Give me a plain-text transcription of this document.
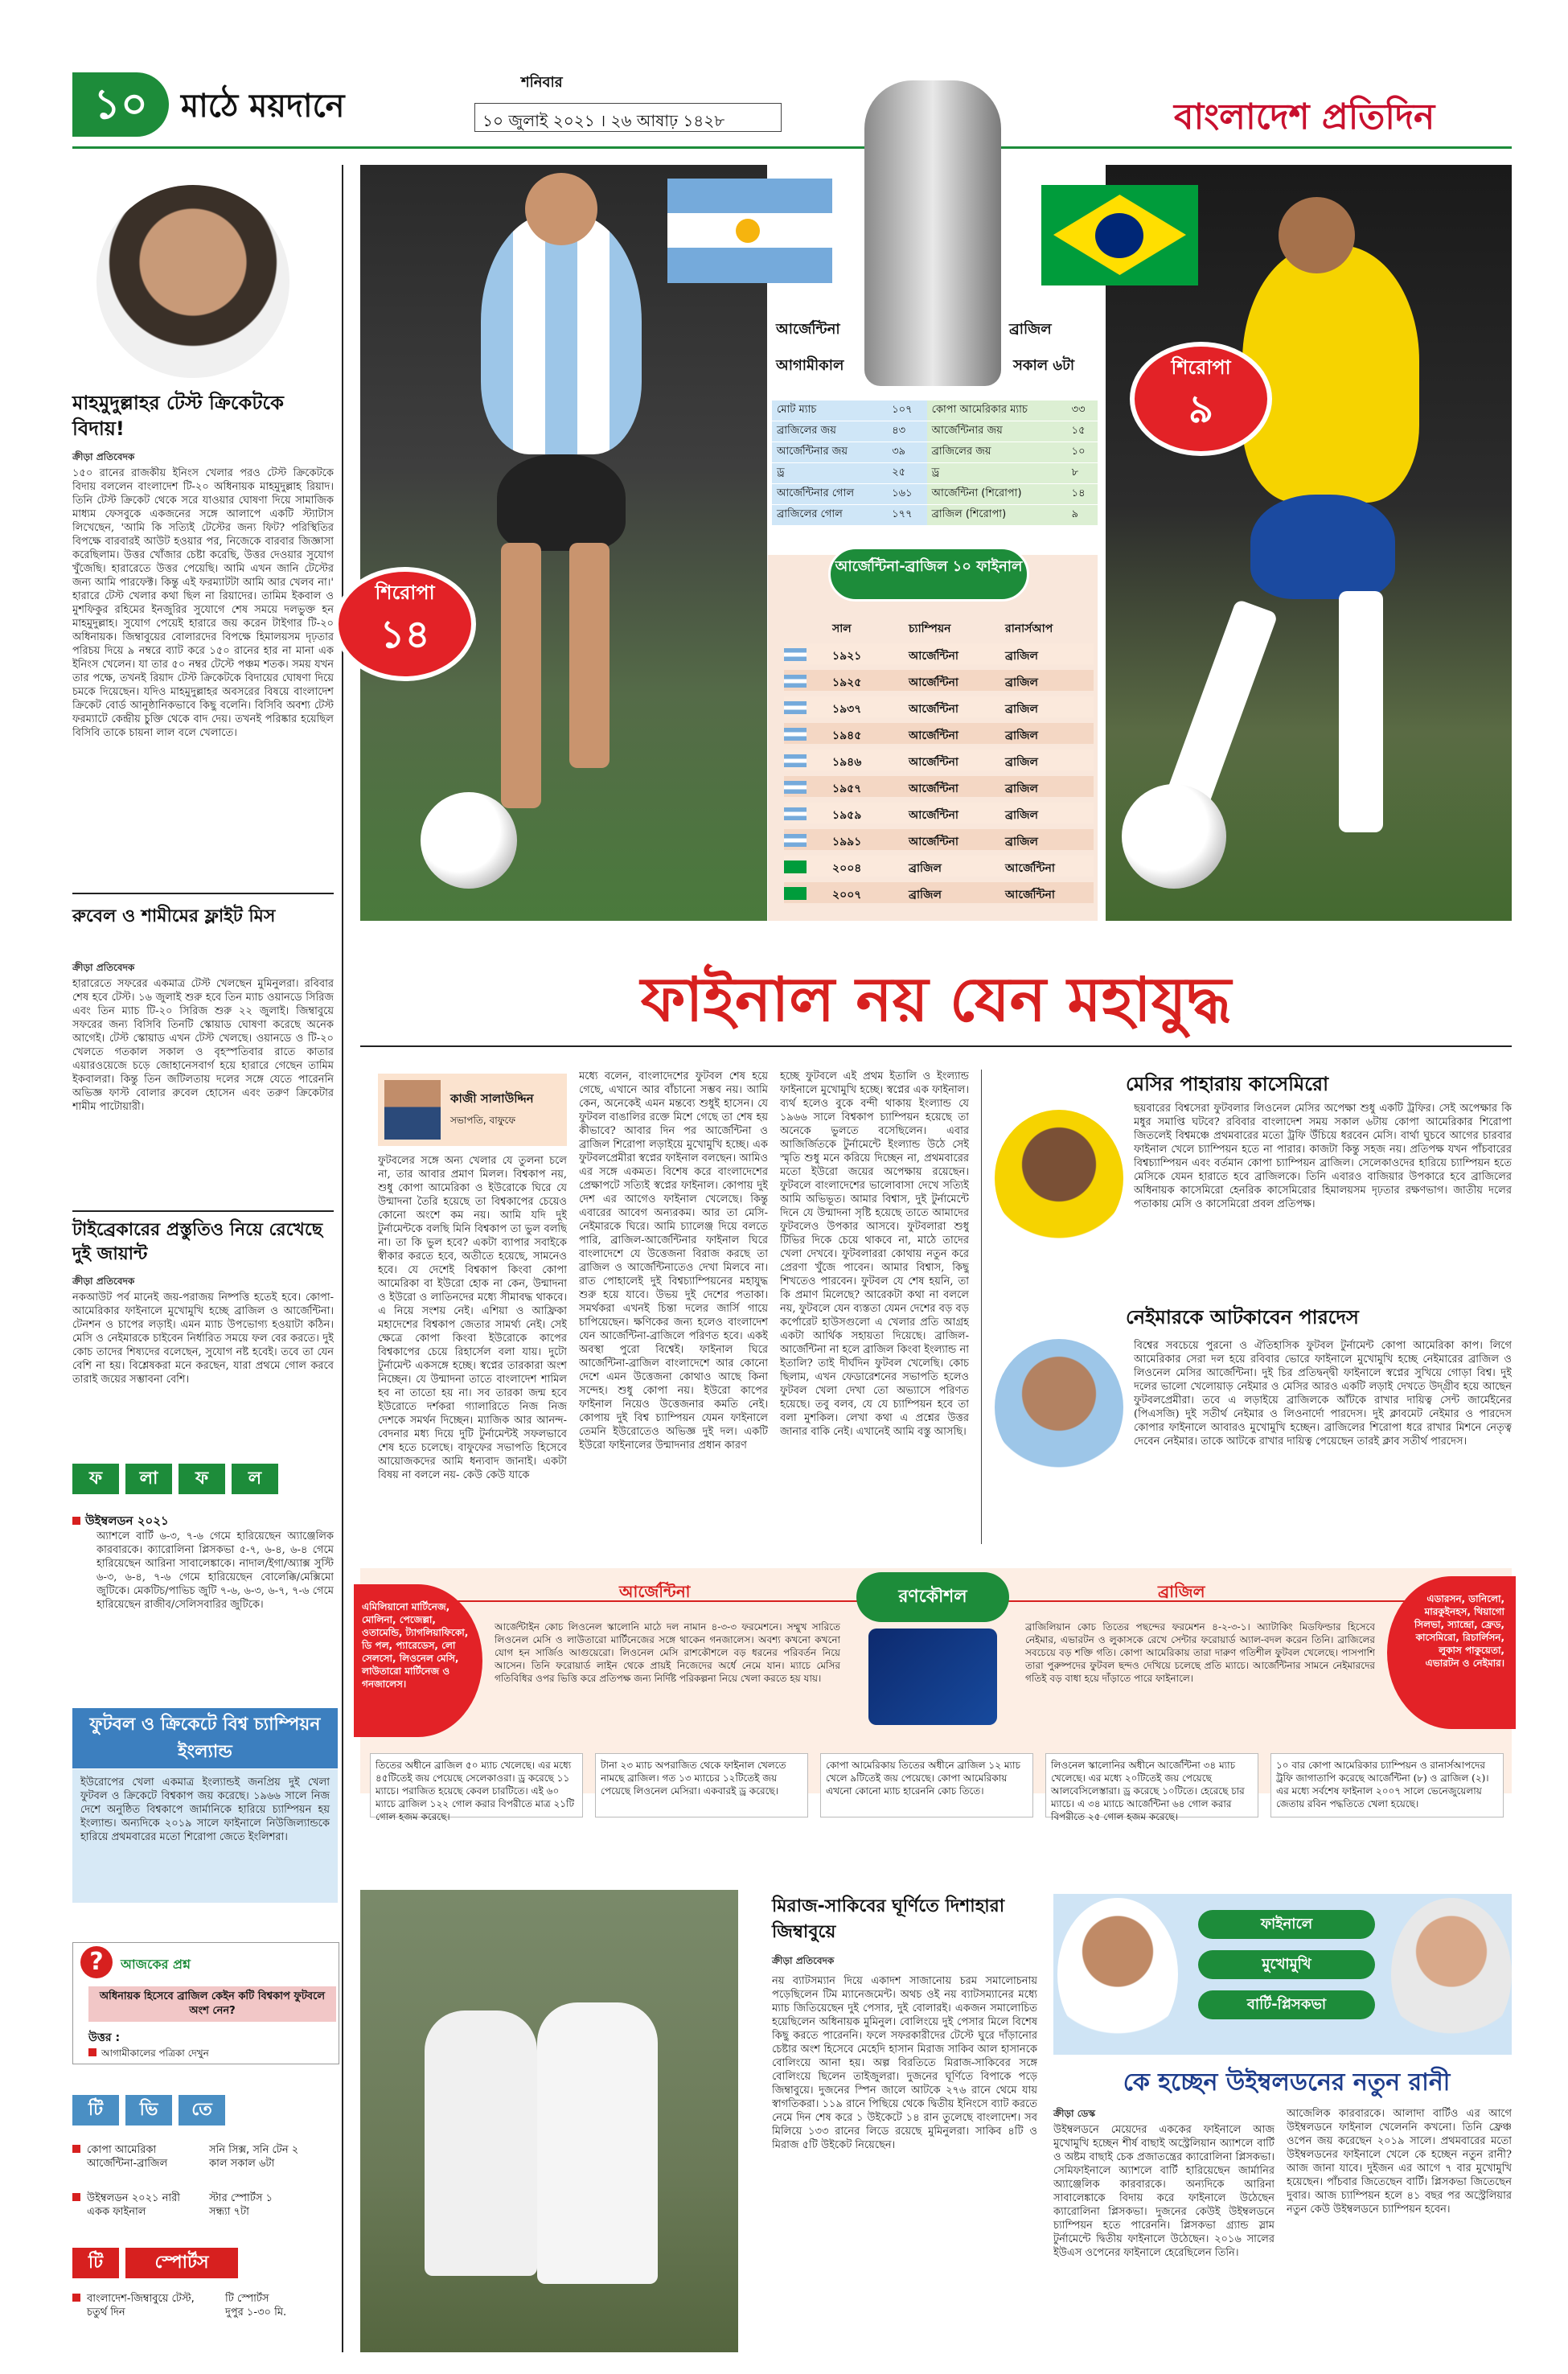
১০	মাঠে ময়দানে
শনিবার
১০ জুলাই ২০২১ । ২৬ আষাঢ় ১৪২৮	বাংলাদেশ প্রতিদিন
মাহমুদুল্লাহর টেস্ট ক্রিকেটকে বিদায়!
ক্রীড়া প্রতিবেদক
১৫০ রানের রাজকীয় ইনিংস খেলার পরও টেস্ট ক্রিকেটকে বিদায় বললেন বাংলাদেশ টি-২০ অধিনায়ক মাহমুদুল্লাহ রিয়াদ। তিনি টেস্ট ক্রিকেট থেকে সরে যাওয়ার ঘোষণা দিয়ে সামাজিক মাধ্যম ফেসবুকে একজনের সঙ্গে আলাপে একটি স্ট্যাটাস লিখেছেন, 'আমি কি সত্যিই টেস্টের জন্য ফিট? পরিস্থিতির বিপক্ষে বারবারই আউট হওয়ার পর, নিজেকে বারবার জিজ্ঞাসা করেছিলাম। উত্তর খোঁজার চেষ্টা করেছি, উত্তর দেওয়ার সুযোগ খুঁজেছি। হারারেতে উত্তর পেয়েছি। আমি এখন জানি টেস্টের জন্য আমি পারফেক্ট। কিন্তু এই ফরম্যাটটা আমি আর খেলব না।' হারারে টেস্ট খেলার কথা ছিল না রিয়াদের। তামিম ইকবাল ও মুশফিকুর রহিমের ইনজুরির সুযোগে শেষ সময়ে দলভুক্ত হন মাহমুদুল্লাহ। সুযোগ পেয়েই হারারে জয় করেন টাইগার টি-২০ অধিনায়ক। জিম্বাবুয়ের বোলারদের বিপক্ষে হিমালয়সম দৃঢ়তার পরিচয় দিয়ে ৯ নম্বরে ব্যাট করে ১৫০ রানের হার না মানা এক ইনিংস খেলেন। যা তার ৫০ নম্বর টেস্টে পঞ্চম শতক। সময় যখন তার পক্ষে, তখনই রিয়াদ টেস্ট ক্রিকেটকে বিদায়ের ঘোষণা দিয়ে চমকে দিয়েছেন। যদিও মাহমুদুল্লাহর অবসরের বিষয়ে বাংলাদেশ ক্রিকেট বোর্ড আনুষ্ঠানিকভাবে কিছু বলেনি। বিসিবি অবশ্য টেস্ট ফরম্যাটে কেন্দ্রীয় চুক্তি থেকে বাদ দেয়। তখনই পরিষ্কার হয়েছিল বিসিবি তাকে চায়না লাল বলে খেলাতে।
রুবেল ও শামীমের ফ্লাইট মিস
ক্রীড়া প্রতিবেদক
হারারেতে সফরের একমাত্র টেস্ট খেলছেন মুমিনুলরা। রবিবার শেষ হবে টেস্ট। ১৬ জুলাই শুরু হবে তিন ম্যাচ ওয়ানডে সিরিজ এবং তিন ম্যাচ টি-২০ সিরিজ শুরু ২২ জুলাই। জিম্বাবুয়ে সফরের জন্য বিসিবি তিনটি স্কোয়াড ঘোষণা করেছে অনেক আগেই। টেস্ট স্কোয়াড এখন টেস্ট খেলছে। ওয়ানডে ও টি-২০ খেলতে গতকাল সকাল ও বৃহস্পতিবার রাতে কাতার এয়ারওয়েজে চড়ে জোহানেসবার্গ হয়ে হারারে গেছেন তামিম ইকবালরা। কিন্তু তিন জটিলতায় দলের সঙ্গে যেতে পারেননি অভিজ্ঞ ফাস্ট বোলার রুবেল হোসেন এবং তরুণ ক্রিকেটার শামীম পাটোয়ারী।
টাইব্রেকারের প্রস্তুতিও নিয়ে রেখেছে দুই জায়ান্ট
ক্রীড়া প্রতিবেদক
নকআউট পর্ব মানেই জয়-পরাজয় নিষ্পত্তি হতেই হবে। কোপা-আমেরিকার ফাইনালে মুখোমুখি হচ্ছে ব্রাজিল ও আর্জেন্টিনা। টেনশন ও চাপের লড়াই। এমন ম্যাচ উপভোগ্য হওয়াটা কঠিন। মেসি ও নেইমারকে চাইবেন নির্ধারিত সময়ে ফল বের করতে। দুই কোচ তাদের শিষ্যদের বলেছেন, সুযোগ নষ্ট হবেই। তবে তা যেন বেশি না হয়। বিশ্লেষকরা মনে করছেন, যারা প্রথমে গোল করবে তারাই জয়ের সম্ভাবনা বেশি।
ফ লা ফ ল
উইম্বলডন ২০২১
অ্যাশলে বার্টি ৬-৩, ৭-৬ গেমে হারিয়েছেন অ্যাঞ্জেলিক কারবারকে। ক্যারোলিনা প্লিসকভা ৫-৭, ৬-৪, ৬-৪ গেমে হারিয়েছেন আরিনা সাবালেঙ্কাকে। নাদাল/ইগা/অ্যাক্স সুস্টি ৬-৩, ৬-৪, ৭-৬ গেমে হারিয়েছেন বোলেক্কি/মেক্সিমো জুটিকে। মেকটিচ/পাভিচ জুটি ৭-৬, ৬-৩, ৬-৭, ৭-৬ গেমে হারিয়েছেন রাজীব/সেলিসবারির জুটিকে।
ফুটবল ও ক্রিকেটে বিশ্ব চ্যাম্পিয়ন ইংল্যান্ড
ইউরোপের খেলা একমাত্র ইংল্যান্ডই জনপ্রিয় দুই খেলা ফুটবল ও ক্রিকেটে বিশ্বকাপ জয় করেছে। ১৯৬৬ সালে নিজ দেশে অনুষ্ঠিত বিশ্বকাপে জার্মানিকে হারিয়ে চ্যাম্পিয়ন হয় ইংল্যান্ড। অন্যদিকে ২০১৯ সালে ফাইনালে নিউজিল্যান্ডকে হারিয়ে প্রথমবারের মতো শিরোপা জেতে ইংলিশরা।
?	আজকের প্রশ্ন
অধিনায়ক হিসেবে ব্রাজিল কেইন কটি বিশ্বকাপ ফুটবলে অংশ নেন?
উত্তর :
আগামীকালের পত্রিকা দেখুন
টি ভি তে
কোপা আমেরিকা আর্জেন্টিনা-ব্রাজিল
সনি সিক্স, সনি টেন ২
কাল সকাল ৬টা
উইম্বলডন ২০২১ নারী একক ফাইনাল
স্টার স্পোর্টস ১
সন্ধ্যা ৭টা
টি	স্পোর্টস
বাংলাদেশ-জিম্বাবুয়ে টেস্ট, চতুর্থ দিন
টি স্পোর্টস
দুপুর ১-৩০ মি.
আর্জেন্টিনা	ব্রাজিল
আগামীকাল	সকাল ৬টা
শিরোপা
১৪
শিরোপা
৯
মোট ম্যাচ	১০৭	কোপা আমেরিকার ম্যাচ	৩৩
ব্রাজিলের জয়	৪৩	আর্জেন্টিনার জয়	১৫
আর্জেন্টিনার জয়	৩৯	ব্রাজিলের জয়	১০
ড্র	২৫	ড্র	৮
আর্জেন্টিনার গোল	১৬১	আর্জেন্টিনা (শিরোপা)	১৪
ব্রাজিলের গোল	১৭৭	ব্রাজিল (শিরোপা)	৯
আর্জেন্টিনা-ব্রাজিল ১০ ফাইনাল
সাল	চ্যাম্পিয়ন	রানার্সআপ
১৯২১	আর্জেন্টিনা	ব্রাজিল
১৯২৫	আর্জেন্টিনা	ব্রাজিল
১৯৩৭	আর্জেন্টিনা	ব্রাজিল
১৯৪৫	আর্জেন্টিনা	ব্রাজিল
১৯৪৬	আর্জেন্টিনা	ব্রাজিল
১৯৫৭	আর্জেন্টিনা	ব্রাজিল
১৯৫৯	আর্জেন্টিনা	ব্রাজিল
১৯৯১	আর্জেন্টিনা	ব্রাজিল
২০০৪	ব্রাজিল	আর্জেন্টিনা
২০০৭	ব্রাজিল	আর্জেন্টিনা
ফাইনাল নয় যেন মহাযুদ্ধ
কাজী সালাউদ্দিন
সভাপতি, বাফুফে
ফুটবলের সঙ্গে অন্য খেলার যে তুলনা চলে না, তার আবার প্রমাণ মিলল। বিশ্বকাপ নয়, শুধু কোপা আমেরিকা ও ইউরোকে ঘিরে যে উন্মাদনা তৈরি হয়েছে তা বিশ্বকাপের চেয়েও কোনো অংশে কম নয়। আমি যদি দুই টুর্নামেন্টকে বলছি মিনি বিশ্বকাপ তা ভুল বলছি না। তা কি ভুল হবে? একটা ব্যাপার সবাইকে স্বীকার করতে হবে, অতীতে হয়েছে, সামনেও হবে। যে দেশেই বিশ্বকাপ কিংবা কোপা আমেরিকা বা ইউরো হোক না কেন, উন্মাদনা ও ইউরো ও লাতিনদের মধ্যে সীমাবদ্ধ থাকবে। এ নিয়ে সংশয় নেই। এশিয়া ও আফ্রিকা মহাদেশের বিশ্বকাপ জেতার সামর্থ্য নেই। সেই ক্ষেত্রে কোপা কিংবা ইউরোকে কাপের বিশ্বকাপের চেয়ে রিহার্সেল বলা যায়। দুটো টুর্নামেন্ট একসঙ্গে হচ্ছে। স্বপ্নের তারকারা অংশ নিচ্ছেন। যে উন্মাদনা তাতে বাংলাদেশ শামিল হব না তাতো হয় না। সব তারকা জন্ম হবে ইউরোতে দর্শকরা গ্যালারিতে নিজ নিজ দেশকে সমর্থন দিচ্ছেন। ম্যাজিক আর আনন্দ-বেদনার মধ্য দিয়ে দুটি টুর্নামেন্টই সফলভাবে শেষ হতে চলেছে। বাফুফের সভাপতি হিসেবে আয়োজকদের আমি ধন্যবাদ জানাই। একটা বিষয় না বললে নয়- কেউ কেউ যাকে
মধ্যে বলেন, বাংলাদেশের ফুটবল শেষ হয়ে গেছে, এখানে আর বাঁচানো সম্ভব নয়। আমি কেন, অনেকেই এমন মন্তব্যে শুধুই হাসেন। যে ফুটবল বাঙালির রক্তে মিশে গেছে তা শেষ হয় কীভাবে? আবার দিন পর আর্জেন্টিনা ও ব্রাজিল শিরোপা লড়াইয়ে মুখোমুখি হচ্ছে। এক ফুটবলপ্রেমীরা স্বপ্নের ফাইনাল বলছেন। আমিও এর সঙ্গে একমত। বিশেষ করে বাংলাদেশের প্রেক্ষাপটে সত্যিই স্বপ্নের ফাইনাল। কোপায় দুই দেশ এর আগেও ফাইনাল খেলেছে। কিন্তু এবারের আবেগ অন্যরকম। আর তা মেসি-নেইমারকে ঘিরে। আমি চ্যালেঞ্জ দিয়ে বলতে পারি, ব্রাজিল-আর্জেন্টিনার ফাইনাল ঘিরে বাংলাদেশে যে উত্তেজনা বিরাজ করছে তা ব্রাজিল ও আর্জেন্টিনাতেও দেখা মিলবে না। রাত পোহালেই দুই বিশ্বচ্যাম্পিয়নের মহাযুদ্ধ শুরু হয়ে যাবে। উভয় দুই দেশের পতাকা। সমর্থকরা এখনই চিন্তা দলের জার্সি গায়ে চাপিয়েছেন। ক্ষণিকের জন্য হলেও বাংলাদেশ যেন আর্জেন্টিনা-ব্রাজিলে পরিণত হবে। একই অবস্থা পুরো বিশ্বেই। ফাইনাল ঘিরে আর্জেন্টিনা-ব্রাজিল বাংলাদেশে আর কোনো দেশে এমন উত্তেজনা কোথাও আছে কিনা সন্দেহ। শুধু কোপা নয়। ইউরো কাপের ফাইনাল নিয়েও উত্তেজনার কমতি নেই। কোপায় দুই বিশ্ব চ্যাম্পিয়ন যেমন ফাইনালে তেমনি ইউরোতেও অভিজ্ঞ দুই দল। একটি ইউরো ফাইনালের উন্মাদনার প্রধান কারণ
হচ্ছে ফুটবলে এই প্রথম ইতালি ও ইংল্যান্ড ফাইনালে মুখোমুখি হচ্ছে। স্বপ্নের এক ফাইনাল। ব্যর্থ হলেও বুকে বন্দী থাকায় ইংল্যান্ড যে ১৯৬৬ সালে বিশ্বকাপ চ্যাম্পিয়ন হয়েছে তা অনেকে ভুলতে বসেছিলেন। এবার আজির্জিতকে টুর্নামেন্টে ইংল্যান্ড উঠে সেই স্মৃতি শুধু মনে করিয়ে দিচ্ছেন না, প্রথমবারের মতো ইউরো জয়ের অপেক্ষায় রয়েছেন। ফুটবলে বাংলাদেশের ভালোবাসা দেখে সত্যিই আমি অভিভূত। আমার বিশ্বাস, দুই টুর্নামেন্টে দিনে যে উন্মাদনা সৃষ্টি হয়েছে তাতে আমাদের ফুটবলেও উপকার আসবে। ফুটবলারা শুধু টিভির দিকে চেয়ে থাকবে না, মাঠে তাদের খেলা দেখবে। ফুটবলাররা কোথায় নতুন করে প্রেরণা খুঁজে পাবেন। আমার বিশ্বাস, কিছু শিখতেও পারবেন। ফুটবল যে শেষ হয়নি, তা কি প্রমাণ মিলেছে? আরেকটা কথা না বললে নয়, ফুটবলে যেন ব্যস্ততা যেমন দেশের বড় বড় কর্পোরেট হাউসগুলো এ খেলার প্রতি আগ্রহ একটা আর্থিক সহায়তা দিয়েছে। ব্রাজিল-আর্জেন্টিনা না হলে ব্রাজিল কিংবা ইংল্যান্ড না ইতালি? তাই দীর্ঘদিন ফুটবল খেলেছি। কোচ ছিলাম, এখন ফেডারেশনের সভাপতি হলেও ফুটবল খেলা দেখা তো অভ্যাসে পরিণত হয়েছে। তবু বলব, যে যে চ্যাম্পিয়ন হবে তা বলা মুশকিল। লেখা কথা এ প্রশ্নের উত্তর জানার বাকি নেই। এখানেই আমি বস্তু আসছি।
মেসির পাহারায় কাসেমিরো
ছয়বারের বিশ্বসেরা ফুটবলার লিওনেল মেসির অপেক্ষা শুধু একটি ট্রফির। সেই অপেক্ষার কি মধুর সমাপ্তি ঘটবে? রবিবার বাংলাদেশ সময় সকাল ৬টায় কোপা আমেরিকার শিরোপা জিতলেই বিশ্বমঞ্চে প্রথমবারের মতো ট্রফি উঁচিয়ে ধরবেন মেসি। বার্থা ঘুচবে আগের চারবার ফাইনাল খেলে চ্যাম্পিয়ন হতে না পারার। কাজটা কিন্তু সহজ নয়। প্রতিপক্ষ যখন পাঁচবারের বিশ্বচ্যাম্পিয়ন এবং বর্তমান কোপা চ্যাম্পিয়ন ব্রাজিল। সেলেকাওদের হারিয়ে চ্যাম্পিয়ন হতে মেসিকে যেমন হারাতে হবে ব্রাজিলকে। তিনি এবারও বাজিয়ার উপকারে হবে ব্রাজিলের অধিনায়ক কাসেমিরো হেনরিক কাসেমিরোর হিমালয়সম দৃঢ়তার রক্ষণভাগ। জাতীয় দলের পতাকায় মেসি ও কাসেমিরো প্রবল প্রতিপক্ষ।
নেইমারকে আটকাবেন পারদেস
বিশ্বের সবচেয়ে পুরনো ও ঐতিহাসিক ফুটবল টুর্নামেন্ট কোপা আমেরিকা কাপ। লিগে আমেরিকার সেরা দল হয়ে রবিবার ভোরে ফাইনালে মুখোমুখি হচ্ছে নেইমারের ব্রাজিল ও লিওনেল মেসির আর্জেন্টিনা। দুই চির প্রতিদ্বন্দ্বী ফাইনালে স্বপ্নের সুখিয়ে গোড়া বিশ্ব। দুই দলের ভালো খেলোয়াড় নেইমার ও মেসির আরও একটি লড়াই দেখতে উদ্গ্রীব হয়ে আছেন ফুটবলপ্রেমীরা। তবে এ লড়াইয়ে ব্রাজিলকে আঁটকে রাখার দায়িত্ব সেন্ট জার্মেইনের (পিএসজি) দুই সতীর্থ নেইমার ও লিওনার্দো পারদেস। দুই ক্লাবমেট নেইমার ও পারদেস কোপার ফাইনালে আবারও মুখোমুখি হচ্ছেন। ব্রাজিলের শিরোপা ধরে রাখার মিশনে নেতৃত্ব দেবেন নেইমার। তাকে আটকে রাখার দায়িত্ব পেয়েছেন তারই ক্লাব সতীর্থ পারদেস।
রণকৌশল
আর্জেন্টিনা	ব্রাজিল
এমিলিয়ানো মার্টিনেজ, মোলিনা, পেজেল্লা, ওতামেন্ডি, ট্যাগলিয়াফিকো, ডি পল, প্যারেডেস, লো সেলসো, লিওনেল মেসি, লাউতারো মার্টিনেজ ও গনজালেস।
এডারসন, ডানিলো, মারকুইনহস, থিয়াগো সিলভা, স্যান্দ্রো, ফ্রেড, কাসেমিরো, রিচার্লিসন, লুকাস পাকুয়েতা, এভারটন ও নেইমার।
আর্জেন্টাইন কোচ লিওনেল স্কালোনি মাঠে দল নামান ৪-৩-৩ ফরমেশনে। সম্মুখ সারিতে লিওনেল মেসি ও লাউতারো মার্টিনেজের সঙ্গে থাকেন গনজালেস। অবশ্য কখনো কখনো যোগ হন সার্জিও আগুয়েরো। লিওনেল মেসি রাশকৌশলে বড় ধরনের পরিবর্তন নিয়ে আসেন। তিনি ফরোয়ার্ড লাইন থেকে প্রায়ই নিজেদের অর্ধে নেমে যান। ম্যাচে মেসির গতিবিধির ওপর ভিত্তি করে প্রতিপক্ষ জন্য নির্দিষ্ট পরিকল্পনা নিয়ে খেলা করতে হয় যায়।
ব্রাজিলিয়ান কোচ তিতের পছন্দের ফরমেশন ৪-২-৩-১। অ্যাটাকিং মিডফিল্ডার হিসেবে নেইমার, এভারটন ও লুকাসকে রেখে সেন্টার ফরোয়ার্ড অ্যাল-বদল করেন তিনি। ব্রাজিলের সবচেয়ে বড় শক্তি গতি। কোপা আমেরিকায় তারা দারুণ গতিশীল ফুটবল খেলেছে। পাসপাশি তারা পুরুষ্পদের ফুটবল ছন্দও দেখিয়ে চলেছে প্রতি ম্যাচে। আর্জেন্টিনার সামনে নেইমারদের গতিই বড় বাধা হয়ে দাঁড়াতে পারে ফাইনালে।
তিতের অধীনে ব্রাজিল ৫০ ম্যাচ খেলেছে। এর মধ্যে ৪৫টিতেই জয় পেয়েছে সেলেকাওরা। ড্র করেছে ১১ ম্যাচে। পরাজিত হয়েছে কেবল চারটিতে। এই ৬০ ম্যাচে ব্রাজিল ১২২ গোল করার বিপরীতে মাত্র ২১টি গোল হজম করেছে।
টানা ২৩ ম্যাচ অপরাজিত থেকে ফাইনাল খেলতে নামছে ব্রাজিল। গত ১৩ ম্যাচের ১২টিতেই জয় পেয়েছে লিওনেল মেসিরা। একবারই ড্র করেছে।
কোপা আমেরিকায় তিতের অধীনে ব্রাজিল ১২ ম্যাচ খেলে ৯টিতেই জয় পেয়েছে। কোপা আমেরিকায় এখনো কোনো ম্যাচ হারেননি কোচ তিতে।
লিওনেল স্কালোনির অধীনে আর্জেন্টিনা ৩৪ ম্যাচ খেলেছে। এর মধ্যে ২০টিতেই জয় পেয়েছে আলবেসিলেস্তারা। ড্র করেছে ১০টিতে। হেরেছে চার ম্যাচে। এ ৩৪ ম্যাচে আর্জেন্টিনা ৬৪ গোল করার বিপরীতে ২৫ গোল হজম করেছে।
১০ বার কোপা আমেরিকার চ্যাম্পিয়ন ও রানার্সআপদের ট্রফি জাগাতাপি করেছে আর্জেন্টিনা (৮) ও ব্রাজিল (২)। এর মধ্যে সর্বশেষ ফাইনাল ২০০৭ সালে ভেনেজুয়েলায় জেতায় রবিন পদ্ধতিতে খেলা হয়েছে।
মিরাজ-সাকিবের ঘূর্ণিতে দিশাহারা জিম্বাবুয়ে
ক্রীড়া প্রতিবেদক
নয় ব্যাটসম্যান দিয়ে একাদশ সাজানোয় চরম সমালোচনায় পড়েছিলেন টিম ম্যানেজমেন্ট। অথচ ওই নয় ব্যাটসম্যানের মধ্যে ম্যাচ জিতিয়েছেন দুই পেসার, দুই বোলারই। একজন সমালোচিত হয়েছিলেন অধিনায়ক মুমিনুল। বোলিংয়ে দুই পেসার মিলে বিশেষ কিছু করতে পারেননি। ফলে সফরকারীদের টেস্টে ঘুরে দাঁড়ানোর চেষ্টার অংশ হিসেবে মেহেদি হাসান মিরাজ সাকিব আল হাসানকে বোলিংয়ে আনা হয়। অল্প বিরতিতে মিরাজ-সাকিবের সঙ্গে বোলিংয়ে ছিলেন তাইজুলরা। দুজনের ঘূর্ণিতে বিপাকে পড়ে জিম্বাবুয়ে। দুজনের স্পিন জালে আটকে ২৭৬ রানে থেমে যায় স্বাগতিকরা। ১১৯ রানে পিছিয়ে থেকে দ্বিতীয় ইনিংসে ব্যাট করতে নেমে দিন শেষ করে ১ উইকেটে ১৪ রান তুলেছে বাংলাদেশ। সব মিলিয়ে ১৩৩ রানের লিডে রয়েছে মুমিনুলরা। সাকিব ৪টি ও মিরাজ ৫টি উইকেট নিয়েছেন।
ফাইনালে
মুখোমুখি
বার্টি-প্লিসকভা
কে হচ্ছেন উইম্বলডনের নতুন রানী
ক্রীড়া ডেস্ক
উইম্বলডনে মেয়েদের এককের ফাইনালে আজ মুখোমুখি হচ্ছেন শীর্ষ বাছাই অস্ট্রেলিয়ান অ্যাশলে বার্টি ও অষ্টম বাছাই চেক প্রজাতন্ত্রের ক্যারোলিনা প্লিসকভা। সেমিফাইনালে অ্যাশলে বার্টি হারিয়েছেন জার্মানির অ্যাঞ্জেলিক কারবারকে। অন্যদিকে আরিনা সাবালেঙ্কাকে বিদায় করে ফাইনালে উঠেছেন ক্যারোলিনা প্লিসকভা। দুজনের কেউই উইম্বলডনে চ্যাম্পিয়ন হতে পারেননি। প্লিসকভা গ্র্যান্ড স্লাম টুর্নামেন্টে দ্বিতীয় ফাইনালে উঠেছেন। ২০১৬ সালের ইউএস ওপেনের ফাইনালে হেরেছিলেন তিনি।
আজেলিক কারবারকে। আলাদা বার্টিও এর আগে উইম্বলডনে ফাইনাল খেলেননি কখনো। তিনি ফ্রেঞ্চ ওপেন জয় করেছেন ২০১৯ সালে। প্রথমবারের মতো উইম্বলডনের ফাইনালে খেলে কে হচ্ছেন নতুন রানী? আজ জানা যাবে। দুইজন এর আগে ৭ বার মুখোমুখি হয়েছেন। পাঁচবার জিতেছেন বার্টি। প্লিসকভা জিতেছেন দুবার। আজ চ্যাম্পিয়ন হলে ৪১ বছর পর অস্ট্রেলিয়ার নতুন কেউ উইম্বলডনে চ্যাম্পিয়ন হবেন।
